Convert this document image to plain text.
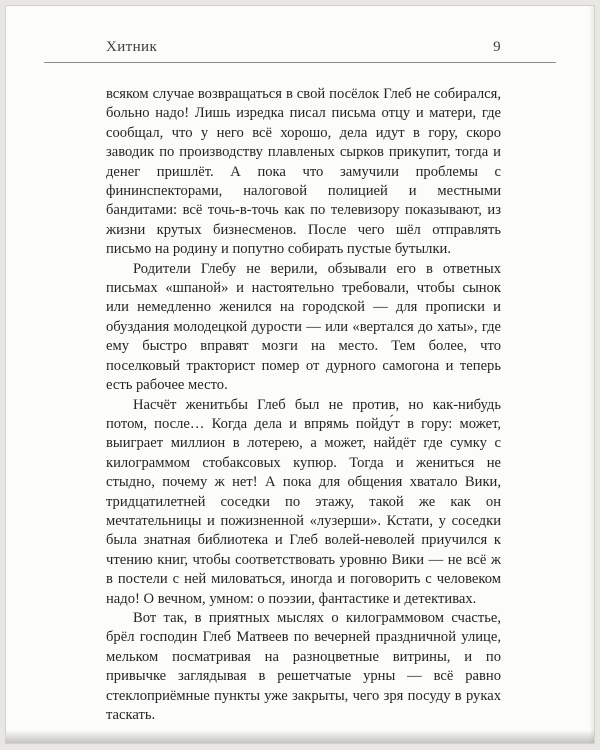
Хитник	9

всяком случае возвращаться в свой посёлок Глеб не собирался, больно надо! Лишь изредка писал письма отцу и матери, где сообщал, что у него всё хорошо, дела идут в гору, скоро заводик по производству плавленых сырков прикупит, тогда и денег пришлёт. А пока что замучили проблемы с фининспекторами, налоговой полицией и местными бандитами: всё точь-в-точь как по телевизору показывают, из жизни крутых бизнесменов. После чего шёл отправлять письмо на родину и попутно собирать пустые бутылки.

Родители Глебу не верили, обзывали его в ответных письмах «шпаной» и настоятельно требовали, чтобы сынок или немедленно женился на городской — для прописки и обуздания молодецкой дурости — или «вертался до хаты», где ему быстро вправят мозги на место. Тем более, что поселковый тракторист помер от дурного самогона и теперь есть рабочее место.

Насчёт женитьбы Глеб был не против, но как-нибудь потом, после… Когда дела и впрямь пойду́т в гору: может, выиграет миллион в лотерею, а может, найдёт где сумку с килограммом стобаксовых купюр. Тогда и жениться не стыдно, почему ж нет! А пока для общения хватало Вики, тридцатилетней соседки по этажу, такой же как он мечтательницы и пожизненной «лузерши». Кстати, у соседки была знатная библиотека и Глеб волей-неволей приучился к чтению книг, чтобы соответствовать уровню Вики — не всё ж в постели с ней миловаться, иногда и поговорить с человеком надо! О вечном, умном: о поэзии, фантастике и детективах.

Вот так, в приятных мыслях о килограммовом счастье, брёл господин Глеб Матвеев по вечерней праздничной улице, мельком посматривая на разноцветные витрины, и по привычке заглядывая в решетчатые урны — всё равно стеклоприёмные пункты уже закрыты, чего зря посуду в руках таскать.
